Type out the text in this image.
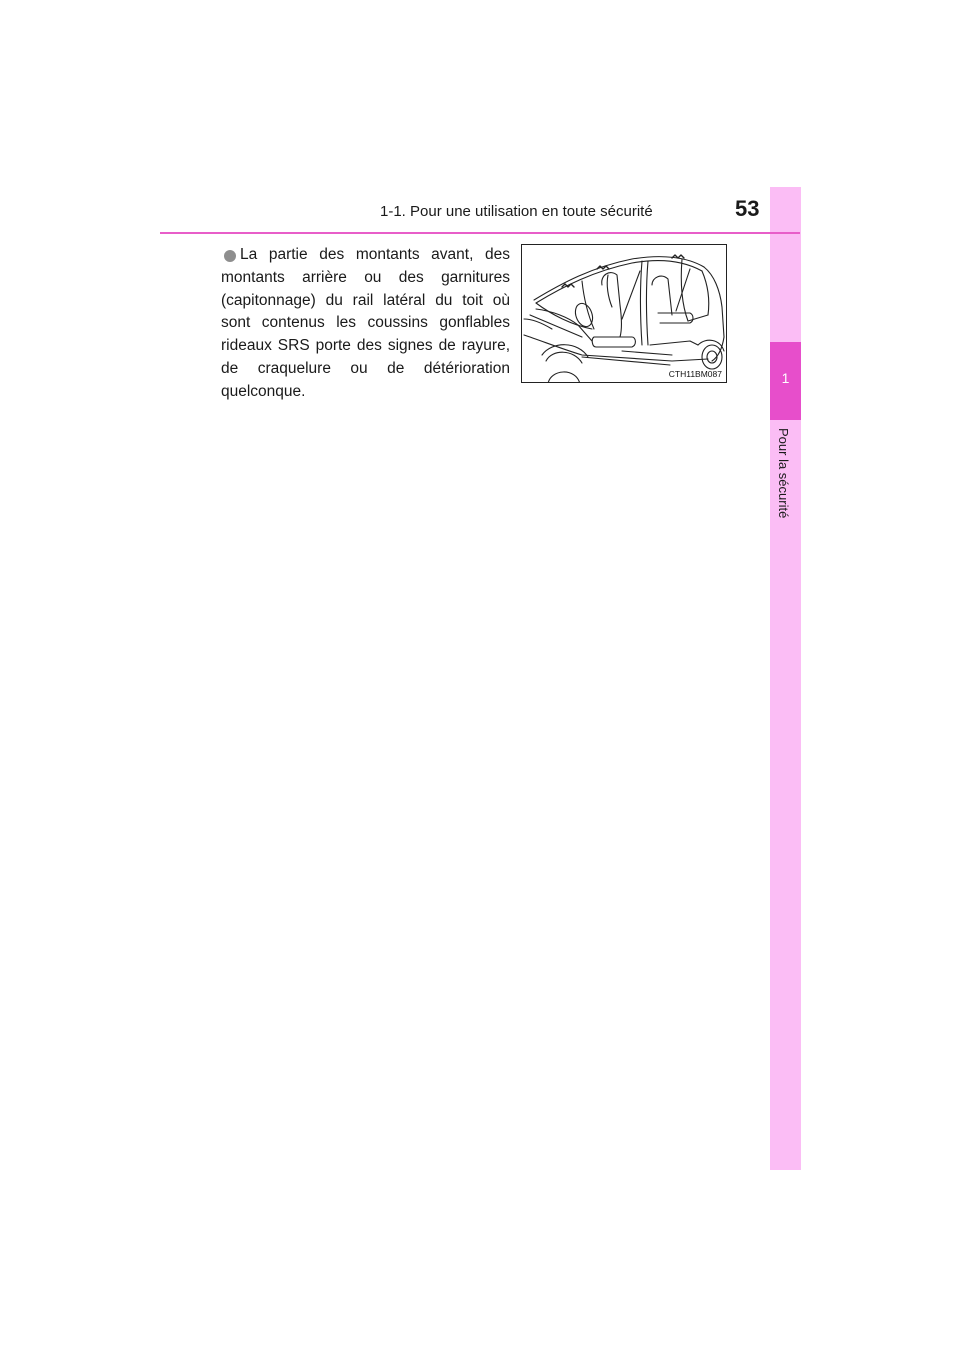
1
Pour la sécurité
1-1. Pour une utilisation en toute sécurité	53
La partie des montants avant, des montants arrière ou des garnitures (capitonnage) du rail latéral du toit où sont contenus les coussins gonflables rideaux SRS porte des signes de rayure, de craquelure ou de détérioration quelconque.
CTH11BM087
